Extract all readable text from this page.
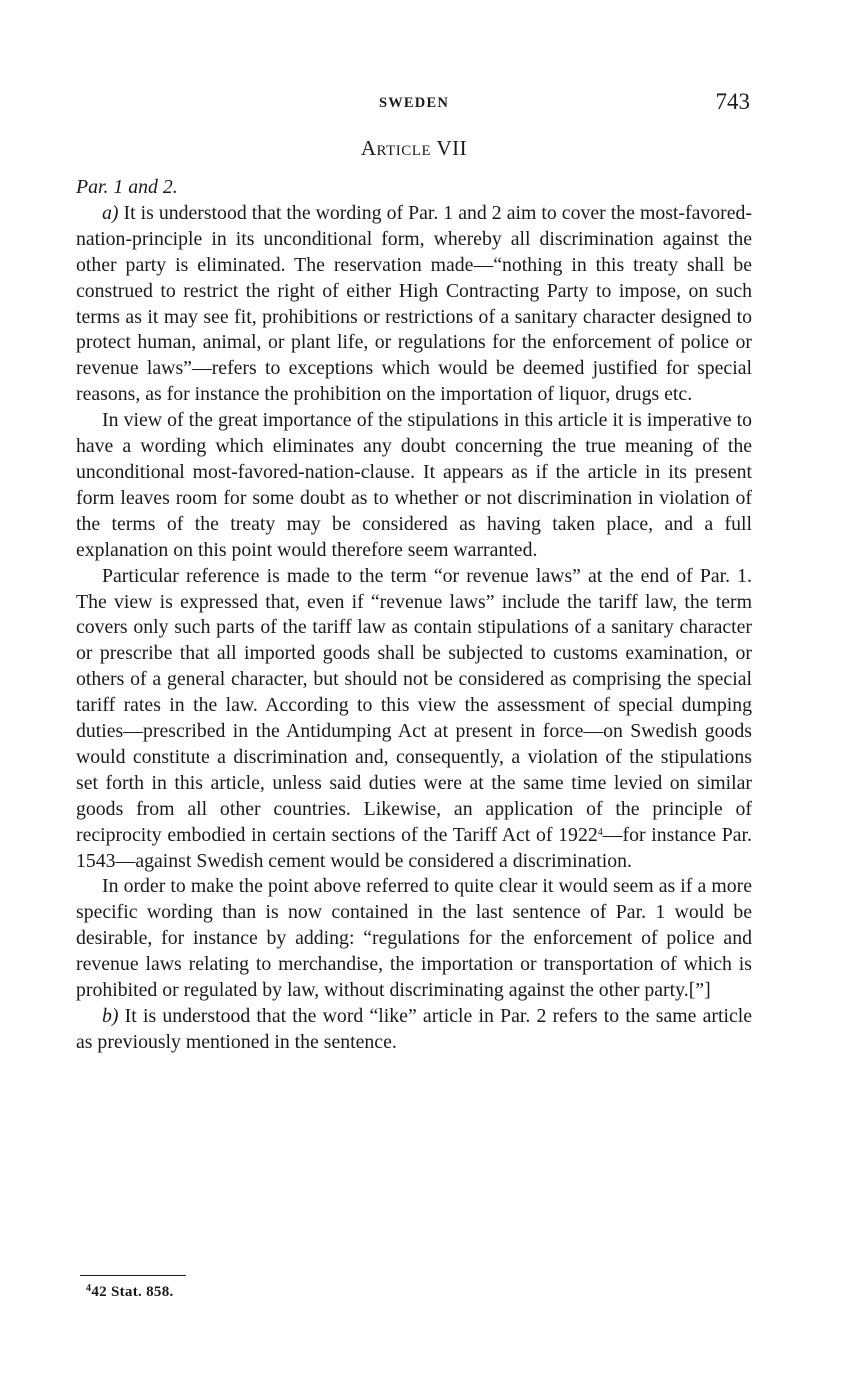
SWEDEN	743
Article VII

Par. 1 and 2.

a) It is understood that the wording of Par. 1 and 2 aim to cover the most-favored-nation-principle in its unconditional form, whereby all discrimination against the other party is eliminated. The reservation made—“nothing in this treaty shall be construed to restrict the right of either High Contracting Party to impose, on such terms as it may see fit, prohibitions or restrictions of a sanitary character designed to protect human, animal, or plant life, or regulations for the enforcement of police or revenue laws”—refers to exceptions which would be deemed justified for special reasons, as for instance the prohibition on the importation of liquor, drugs etc.

In view of the great importance of the stipulations in this article it is imperative to have a wording which eliminates any doubt concerning the true meaning of the unconditional most-favored-nation-clause. It appears as if the article in its present form leaves room for some doubt as to whether or not discrimination in violation of the terms of the treaty may be considered as having taken place, and a full explanation on this point would therefore seem warranted.

Particular reference is made to the term “or revenue laws” at the end of Par. 1. The view is expressed that, even if “revenue laws” include the tariff law, the term covers only such parts of the tariff law as contain stipulations of a sanitary character or prescribe that all imported goods shall be subjected to customs examination, or others of a general character, but should not be considered as comprising the special tariff rates in the law. According to this view the assessment of special dumping duties—prescribed in the Antidumping Act at present in force—on Swedish goods would constitute a discrimination and, consequently, a violation of the stipulations set forth in this article, unless said duties were at the same time levied on similar goods from all other countries. Likewise, an application of the principle of reciprocity embodied in certain sections of the Tariff Act of 1922$^4$—for instance Par. 1543—against Swedish cement would be considered a discrimination.

In order to make the point above referred to quite clear it would seem as if a more specific wording than is now contained in the last sentence of Par. 1 would be desirable, for instance by adding: “regulations for the enforcement of police and revenue laws relating to merchandise, the importation or transportation of which is prohibited or regulated by law, without discriminating against the other party.[”]

b) It is understood that the word “like” article in Par. 2 refers to the same article as previously mentioned in the sentence.

$^4$42 Stat. 858.
